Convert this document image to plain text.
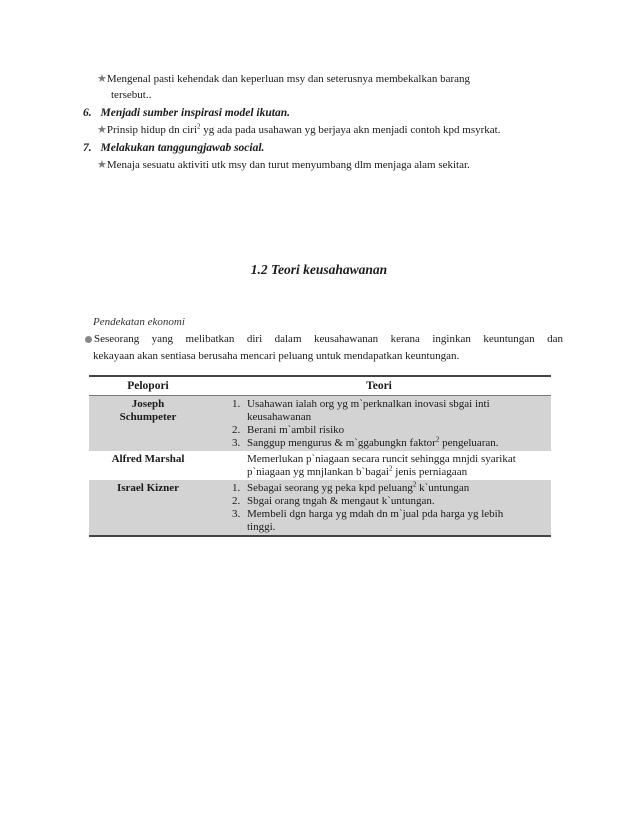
★Mengenal pasti kehendak dan keperluan msy dan seterusnya membekalkan barang
tersebut..
6. Menjadi sumber inspirasi model ikutan.
★Prinsip hidup dn ciri$^2$ yg ada pada usahawan yg berjaya akn menjadi contoh kpd msyrkat.
7. Melakukan tanggungjawab social.
★Menaja sesuatu aktiviti utk msy dan turut menyumbang dlm menjaga alam sekitar.
1.2 Teori keusahawanan
Pendekatan ekonomi
Seseorang yang melibatkan diri dalam keusahawanan kerana inginkan keuntungan dan
kekayaan akan sentiasa berusaha mencari peluang untuk mendapatkan keuntungan.
Pelopori	Teori
Joseph
Schumpeter
1. Usahawan ialah org yg m`perknalkan inovasi sbgai inti
keusahawanan
2. Berani m`ambil risiko
3. Sanggup mengurus & m`ggabungkn faktor$^2$ pengeluaran.
Alfred Marshal	Memerlukan p`niagaan secara runcit sehingga mnjdi syarikat
p`niagaan yg mnjlankan b`bagai$^2$ jenis perniagaan
Israel Kizner
1.	Sebagai seorang yg peka kpd peluang$^2$ k`untungan
2. Sbgai orang tngah & mengaut k`untungan.
3. Membeli dgn harga yg mdah dn m`jual pda harga yg lebih
tinggi.
